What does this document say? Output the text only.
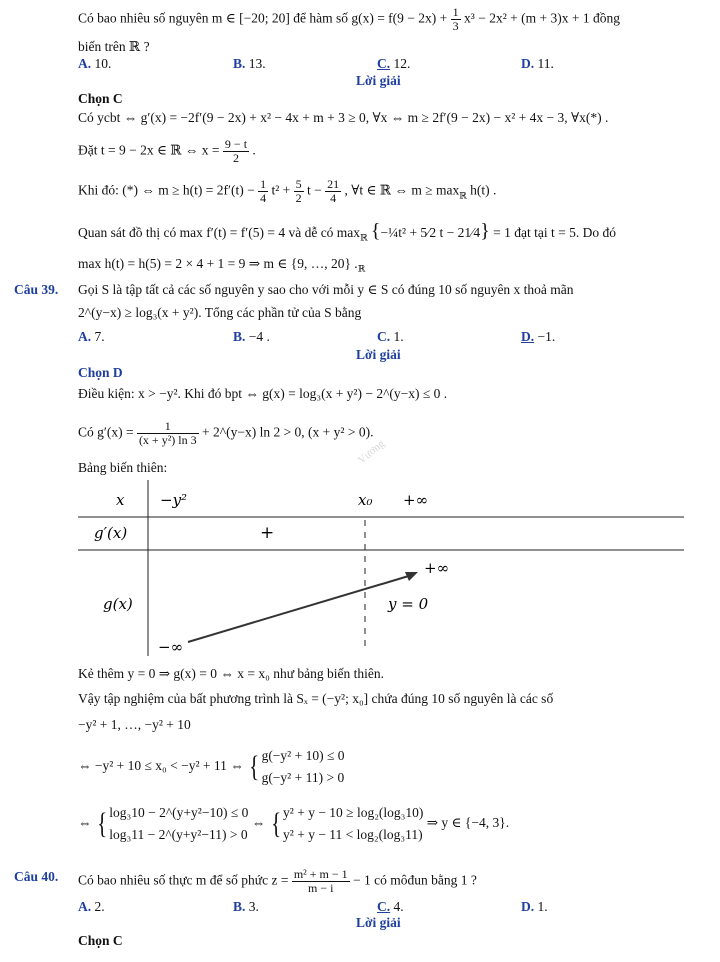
Có bao nhiêu số nguyên m ∈ [−20; 20] để hàm số $g(x) = f(9 - 2x) + \frac{1}{3} x^3 - 2x^2 + (m + 3)x + 1$ đồng
biến trên ℝ ?
A. 10.	B. 13.	C. 12.	D. 11.
Lời giải
Chọn C
Có ycbt ⇔ g′(x) = −2f′(9 − 2x) + x² − 4x + m + 3 ≥ 0, ∀x ⇔ m ≥ 2f′(9 − 2x) − x² + 4x − 3, ∀x(*) .
Đặt t = 9 − 2x ∈ ℝ ⇔ $x = \frac{9 - t}{2}$ .
Khi đó: (*) ⇔ $m \ge h(t) = 2f'(t) - \frac{1}{4} t^2 + \frac{5}{2}$ $t - \frac{21}{4}$ , ∀t ∈ ℝ ⇔ $m \ge \max_ℝ h(t)$ .
Quan sát đồ thị có max f′(t) = f′(5) = 4 và dễ có $\max_ℝ$ {−¼t² + 5⁄2 t − 21⁄4} = 1 đạt tại t = 5. Do đó
max h(t) = h(5) = 2 × 4 + 1 = 9 ⇒ m ∈ {9, …, 20} $._ℝ$
Câu 39. Gọi S là tập tất cả các số nguyên y sao cho với mỗi y ∈ S có đúng 10 số nguyên x thoả mãn
2^(y−x) ≥ log₃(x + y²). Tổng các phần tử của S bằng
A. 7.	B. −4 .	C. 1.	D. −1.
Lời giải
Chọn D
Điều kiện: x > −y². Khi đó bpt ⇔ g(x) = log₃(x + y²) − 2^(y−x) ≤ 0 .
Có $g'(x) = \frac{1}{\text{(x + y²) ln 3}}$ + 2^(y−x) ln 2 > 0, (x + y² > 0).
Bảng biến thiên:
Vương
x −y²	x₀ +∞
g′(x)	+
g(x)
+∞
y = 0
−∞
Kẻ thêm y = 0 ⇒ g(x) = 0 ⇔ x = x₀ như bảng biến thiên.
Vậy tập nghiệm của bất phương trình là Sₓ = (−y²; x₀] chứa đúng 10 số nguyên là các số
−y² + 1, …, −y² + 10
⇔ −y² + 10 ≤ x₀ < −y² + 11 ⇔ { g(−y² + 10) ≤ 0
g(−y² + 11) > 0
⇔ { log₃10 − 2^(y+y²−10) ≤ 0
log₃11 − 2^(y+y²−11) > 0
⇔ { y² + y − 10 ≥ log₂(log₃10)
y² + y − 11 < log₂(log₃11)
⇒ y ∈ {−4, 3}.
Câu 40. Có bao nhiêu số thực m để số phức $z = \frac{\text{m² + m − 1}}{m - i} - 1$ có môđun bằng 1 ?
A. 2.	B. 3.	C. 4.	D. 1.
Lời giải
Chọn C
